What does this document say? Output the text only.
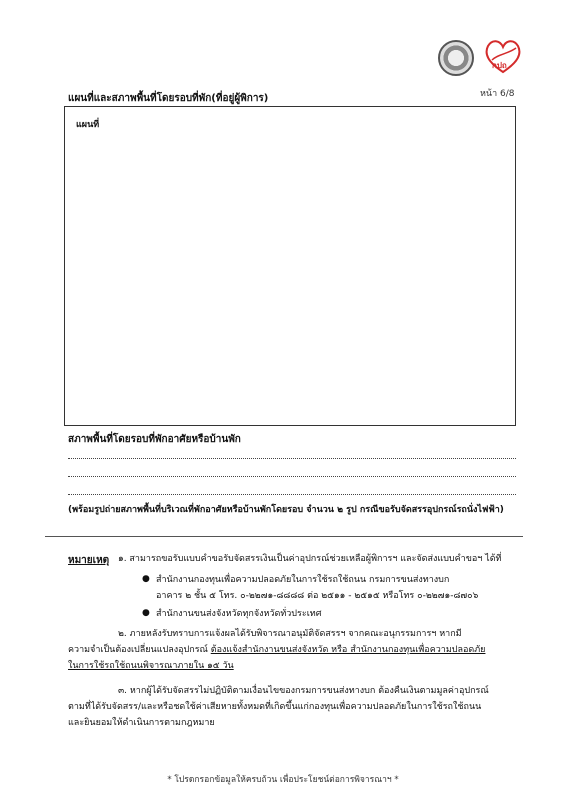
กปถ
หน้า 6/8
แผนที่และสภาพพื้นที่โดยรอบที่พัก(ที่อยู่ผู้พิการ)
แผนที่
สภาพพื้นที่โดยรอบที่พักอาศัยหรือบ้านพัก
(พร้อมรูปถ่ายสภาพพื้นที่บริเวณที่พักอาศัยหรือบ้านพักโดยรอบ จำนวน ๒ รูป กรณีขอรับจัดสรรอุปกรณ์รถนั่งไฟฟ้า)
หมายเหตุ ๑. สามารถขอรับแบบคำขอรับจัดสรรเงินเป็นค่าอุปกรณ์ช่วยเหลือผู้พิการฯ และจัดส่งแบบคำขอฯ ได้ที่
● สำนักงานกองทุนเพื่อความปลอดภัยในการใช้รถใช้ถนน กรมการขนส่งทางบก
อาคาร ๒ ชั้น ๕ โทร. ๐-๒๒๗๑-๘๘๘๘ ต่อ ๒๕๑๑ - ๒๕๑๕ หรือโทร ๐-๒๒๗๑-๘๗๐๖
● สำนักงานขนส่งจังหวัดทุกจังหวัดทั่วประเทศ
๒. ภายหลังรับทราบการแจ้งผลได้รับพิจารณาอนุมัติจัดสรรฯ จากคณะอนุกรรมการฯ หากมี
ความจำเป็นต้องเปลี่ยนแปลงอุปกรณ์ ต้องแจ้งสำนักงานขนส่งจังหวัด หรือ สำนักงานกองทุนเพื่อความปลอดภัย
ในการใช้รถใช้ถนนพิจารณาภายใน ๑๕ วัน
๓. หากผู้ได้รับจัดสรรไม่ปฏิบัติตามเงื่อนไขของกรมการขนส่งทางบก ต้องคืนเงินตามมูลค่าอุปกรณ์
ตามที่ได้รับจัดสรร/และหรือชดใช้ค่าเสียหายทั้งหมดที่เกิดขึ้นแก่กองทุนเพื่อความปลอดภัยในการใช้รถใช้ถนน
และยินยอมให้ดำเนินการตามกฎหมาย
* โปรดกรอกข้อมูลให้ครบถ้วน เพื่อประโยชน์ต่อการพิจารณาฯ *
